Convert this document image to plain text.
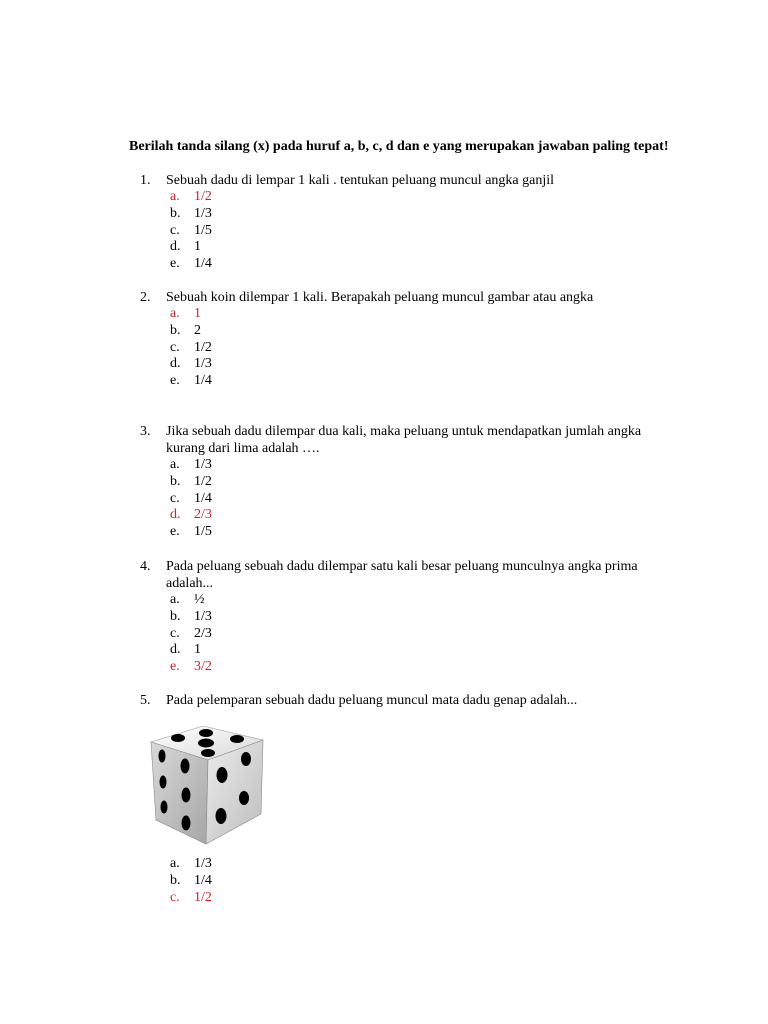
Berilah tanda silang (x) pada huruf a, b, c, d dan e yang merupakan jawaban paling tepat!
1. Sebuah dadu di lempar 1 kali . tentukan peluang muncul angka ganjil
a. 1/2
b. 1/3
c. 1/5
d. 1
e. 1/4
2. Sebuah koin dilempar 1 kali. Berapakah peluang muncul gambar atau angka
a. 1
b. 2
c. 1/2
d. 1/3
e. 1/4
3. Jika sebuah dadu dilempar dua kali, maka peluang untuk mendapatkan jumlah angka kurang dari lima adalah ….
a. 1/3
b. 1/2
c. 1/4
d. 2/3
e. 1/5
4. Pada peluang sebuah dadu dilempar satu kali besar peluang munculnya angka prima adalah...
a. ½
b. 1/3
c. 2/3
d. 1
e. 3/2
5. Pada pelemparan sebuah dadu peluang muncul mata dadu genap adalah...
a. 1/3
b. 1/4
c. 1/2
